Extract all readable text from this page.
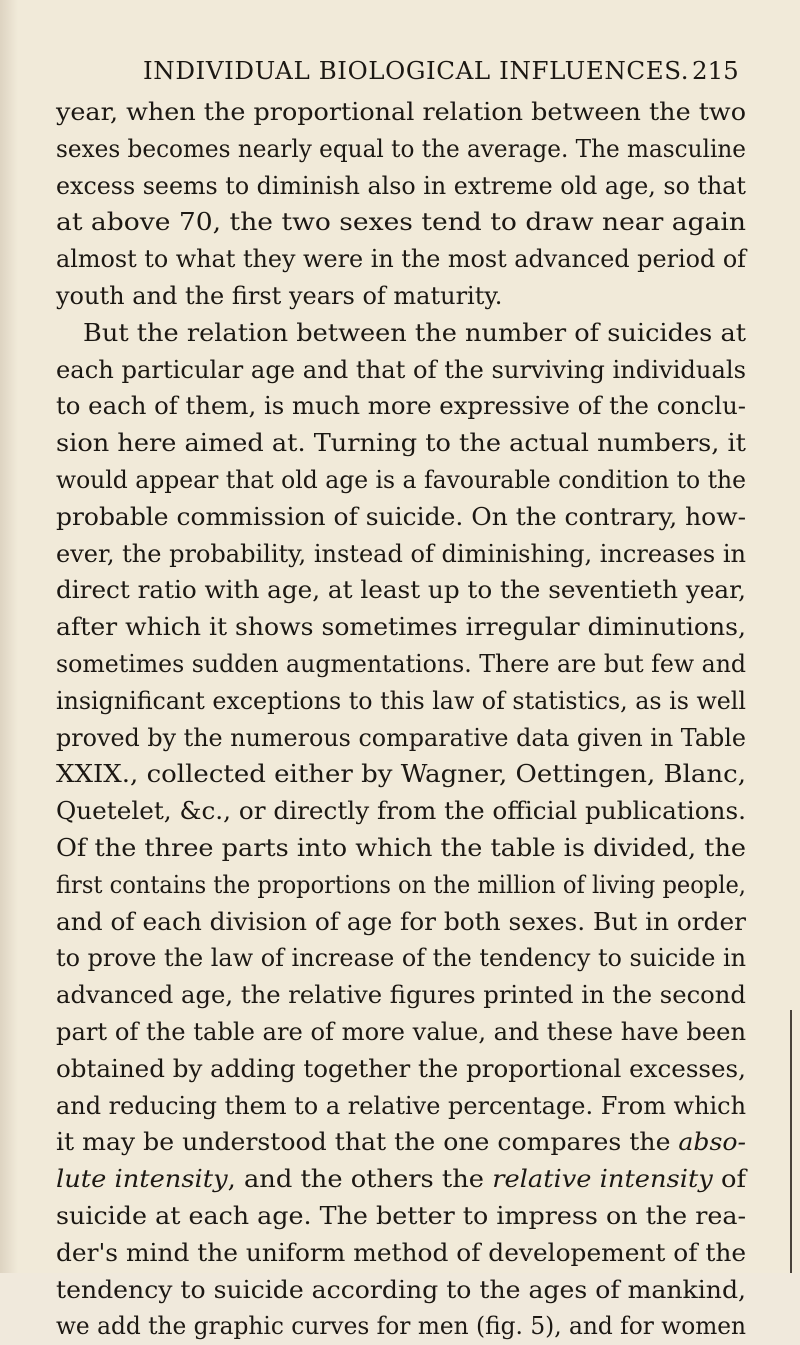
INDIVIDUAL BIOLOGICAL INFLUENCES. 215
year, when the proportional relation between the two
sexes becomes nearly equal to the average. The masculine
excess seems to diminish also in extreme old age, so that
at above 70, the two sexes tend to draw near again
almost to what they were in the most advanced period of
youth and the first years of maturity.
But the relation between the number of suicides at
each particular age and that of the surviving individuals
to each of them, is much more expressive of the conclu-
sion here aimed at. Turning to the actual numbers, it
would appear that old age is a favourable condition to the
probable commission of suicide. On the contrary, how-
ever, the probability, instead of diminishing, increases in
direct ratio with age, at least up to the seventieth year,
after which it shows sometimes irregular diminutions,
sometimes sudden augmentations. There are but few and
insignificant exceptions to this law of statistics, as is well
proved by the numerous comparative data given in Table
XXIX., collected either by Wagner, Oettingen, Blanc,
Quetelet, &c., or directly from the official publications.
Of the three parts into which the table is divided, the
first contains the proportions on the million of living people,
and of each division of age for both sexes. But in order
to prove the law of increase of the tendency to suicide in
advanced age, the relative figures printed in the second
part of the table are of more value, and these have been
obtained by adding together the proportional excesses,
and reducing them to a relative percentage. From which
it may be understood that the one compares the abso-
lute intensity, and the others the relative intensity of
suicide at each age. The better to impress on the rea-
der's mind the uniform method of developement of the
tendency to suicide according to the ages of mankind,
we add the graphic curves for men (fig. 5), and for women
